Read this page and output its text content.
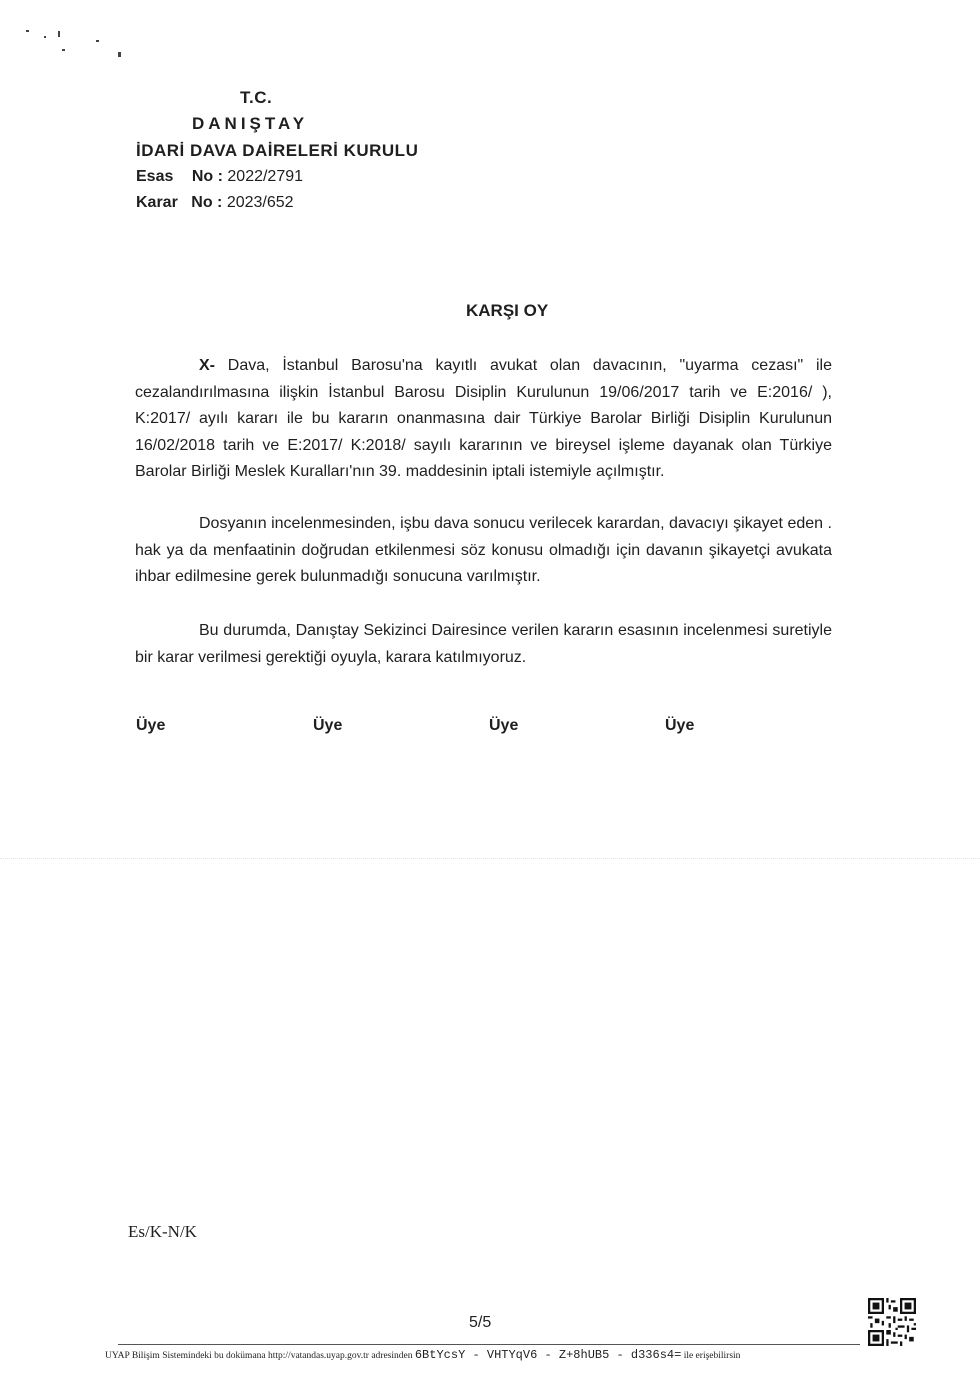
T.C.
DANIŞTAY
İDARİ DAVA DAİRELERİ KURULU
Esas No : 2022/2791
Karar No : 2023/652
KARŞI OY
X- Dava, İstanbul Barosu'na kayıtlı avukat olan davacının, "uyarma cezası" ile cezalandırılmasına ilişkin İstanbul Barosu Disiplin Kurulunun 19/06/2017 tarih ve E:2016/ ), K:2017/ ayılı kararı ile bu kararın onanmasına dair Türkiye Barolar Birliği Disiplin Kurulunun 16/02/2018 tarih ve E:2017/ K:2018/ sayılı kararının ve bireysel işleme dayanak olan Türkiye Barolar Birliği Meslek Kuralları'nın 39. maddesinin iptali istemiyle açılmıştır.
Dosyanın incelenmesinden, işbu dava sonucu verilecek karardan, davacıyı şikayet eden . hak ya da menfaatinin doğrudan etkilenmesi söz konusu olmadığı için davanın şikayetçi avukata ihbar edilmesine gerek bulunmadığı sonucuna varılmıştır.
Bu durumda, Danıştay Sekizinci Dairesince verilen kararın esasının incelenmesi suretiyle bir karar verilmesi gerektiği oyuyla, karara katılmıyoruz.
Üye	Üye	Üye	Üye
Es/K-N/K
5/5
UYAP Bilişim Sistemindeki bu dokümana http://vatandas.uyap.gov.tr adresinden 6BtYcsY - VHTYqV6 - Z+8hUB5 - d336s4= ile erişebilirsin
